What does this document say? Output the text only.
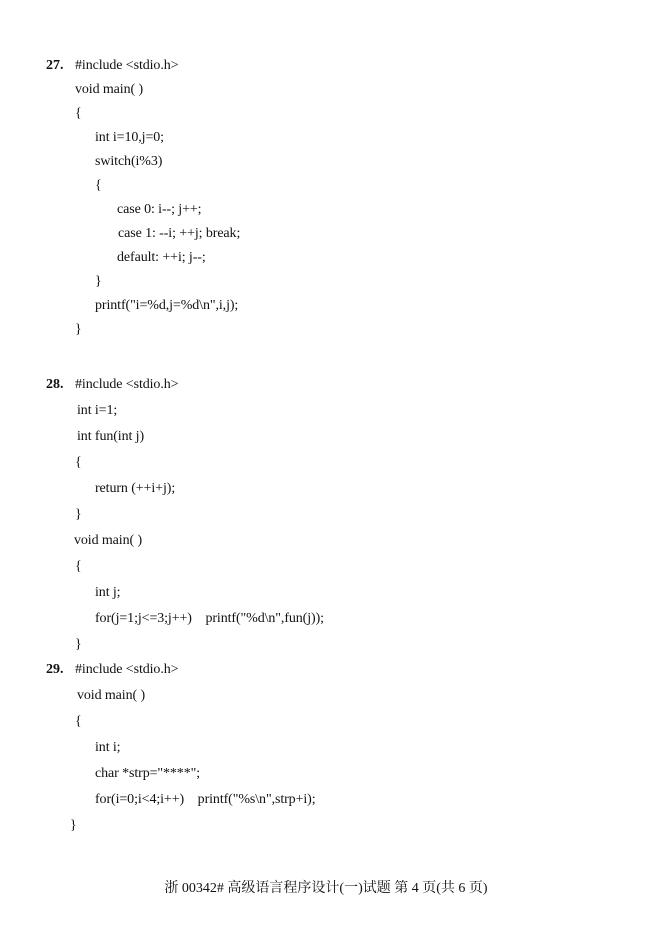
27. #include <stdio.h>
void main( )
{
int i=10,j=0;
switch(i%3)
{
case 0: i--; j++;
case 1: --i; ++j; break;
default: ++i; j--;
}
printf("i=%d,j=%d\n",i,j);
}
28. #include <stdio.h>
int i=1;
int fun(int j)
{
return (++i+j);
}
void main( )
{
int j;
for(j=1;j<=3;j++)    printf("%d\n",fun(j));
}
29. #include <stdio.h>
void main( )
{
int i;
char *strp="****";
for(i=0;i<4;i++)    printf("%s\n",strp+i);
}
浙 00342# 高级语言程序设计(一)试题 第 4 页(共 6 页)
